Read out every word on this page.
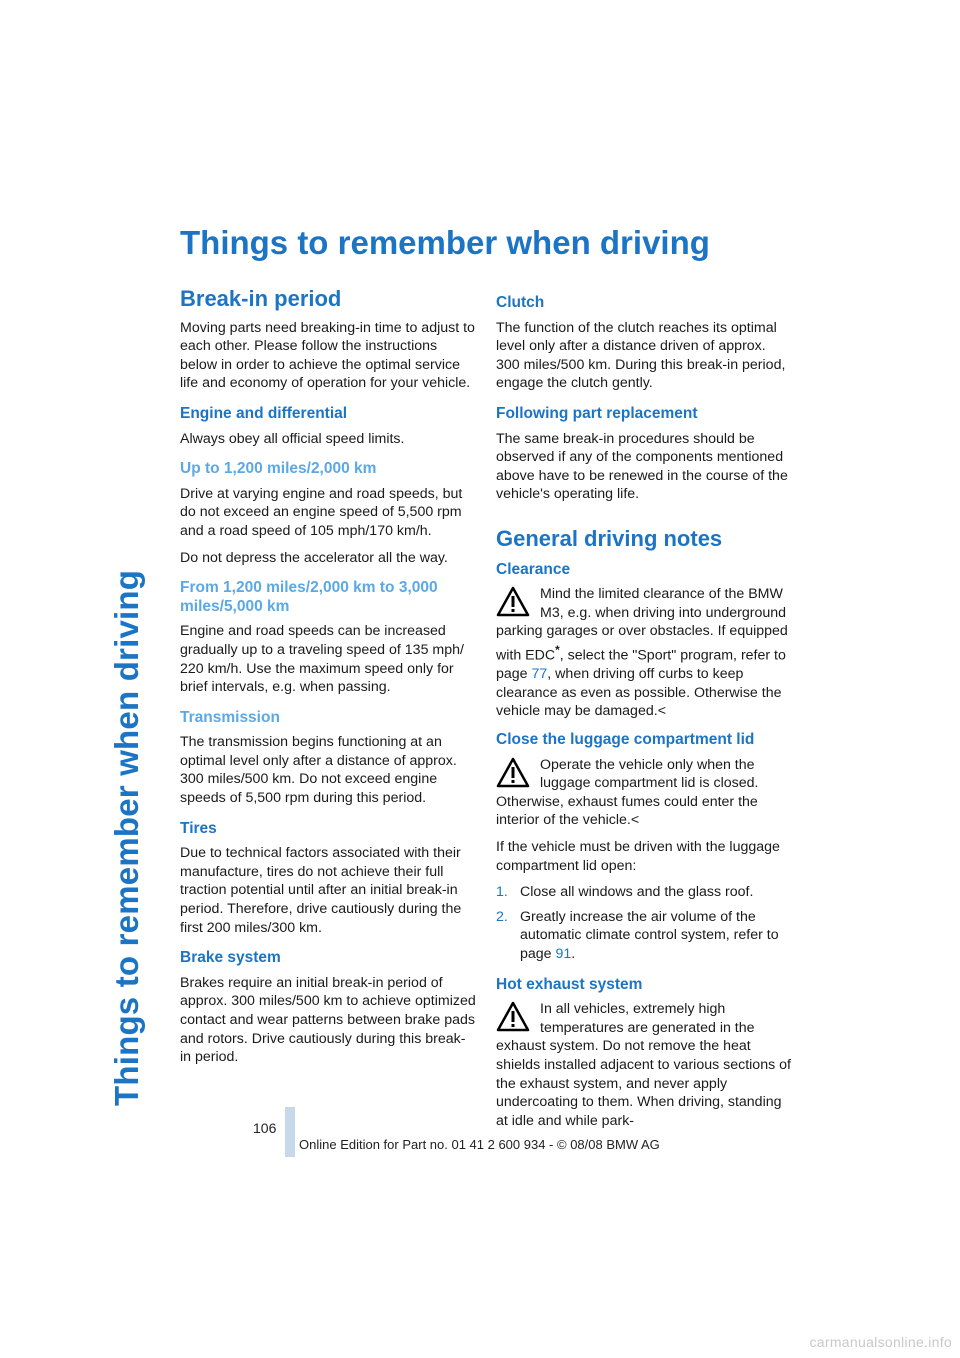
Things to remember when driving
Things to remember when driving
Break-in period

Moving parts need breaking-in time to adjust to each other. Please follow the instructions below in order to achieve the optimal service life and economy of operation for your vehicle.

Engine and differential

Always obey all official speed limits.

Up to 1,200 miles/2,000 km

Drive at varying engine and road speeds, but do not exceed an engine speed of 5,500 rpm and a road speed of 105 mph/170 km/h.

Do not depress the accelerator all the way.

From 1,200 miles/2,000 km to 3,000 miles/5,000 km

Engine and road speeds can be increased gradually up to a traveling speed of 135 mph/ 220 km/h. Use the maximum speed only for brief intervals, e.g. when passing.

Transmission

The transmission begins functioning at an optimal level only after a distance of approx. 300 miles/500 km. Do not exceed engine speeds of 5,500 rpm during this period.

Tires

Due to technical factors associated with their manufacture, tires do not achieve their full traction potential until after an initial break-in period. Therefore, drive cautiously during the first 200 miles/300 km.

Brake system

Brakes require an initial break-in period of approx. 300 miles/500 km to achieve optimized contact and wear patterns between brake pads and rotors. Drive cautiously during this break-in period.

Clutch

The function of the clutch reaches its optimal level only after a distance driven of approx. 300 miles/500 km. During this break-in period, engage the clutch gently.

Following part replacement

The same break-in procedures should be observed if any of the components mentioned above have to be renewed in the course of the vehicle's operating life.

General driving notes
Clearance

Mind the limited clearance of the BMW M3, e.g. when driving into underground parking garages or over obstacles. If equipped with EDC*, select the "Sport" program, refer to page 77, when driving off curbs to keep clearance as even as possible. Otherwise the vehicle may be damaged.<

Close the luggage compartment lid

Operate the vehicle only when the luggage compartment lid is closed. Otherwise, exhaust fumes could enter the interior of the vehicle.<

If the vehicle must be driven with the luggage compartment lid open:

1. Close all windows and the glass roof.
2. Greatly increase the air volume of the automatic climate control system, refer to page 91.
Hot exhaust system

In all vehicles, extremely high temperatures are generated in the exhaust system. Do not remove the heat shields installed adjacent to various sections of the exhaust system, and never apply undercoating to them. When driving, standing at idle and while park-

106
Online Edition for Part no. 01 41 2 600 934 - © 08/08 BMW AG
carmanualsonline.info
